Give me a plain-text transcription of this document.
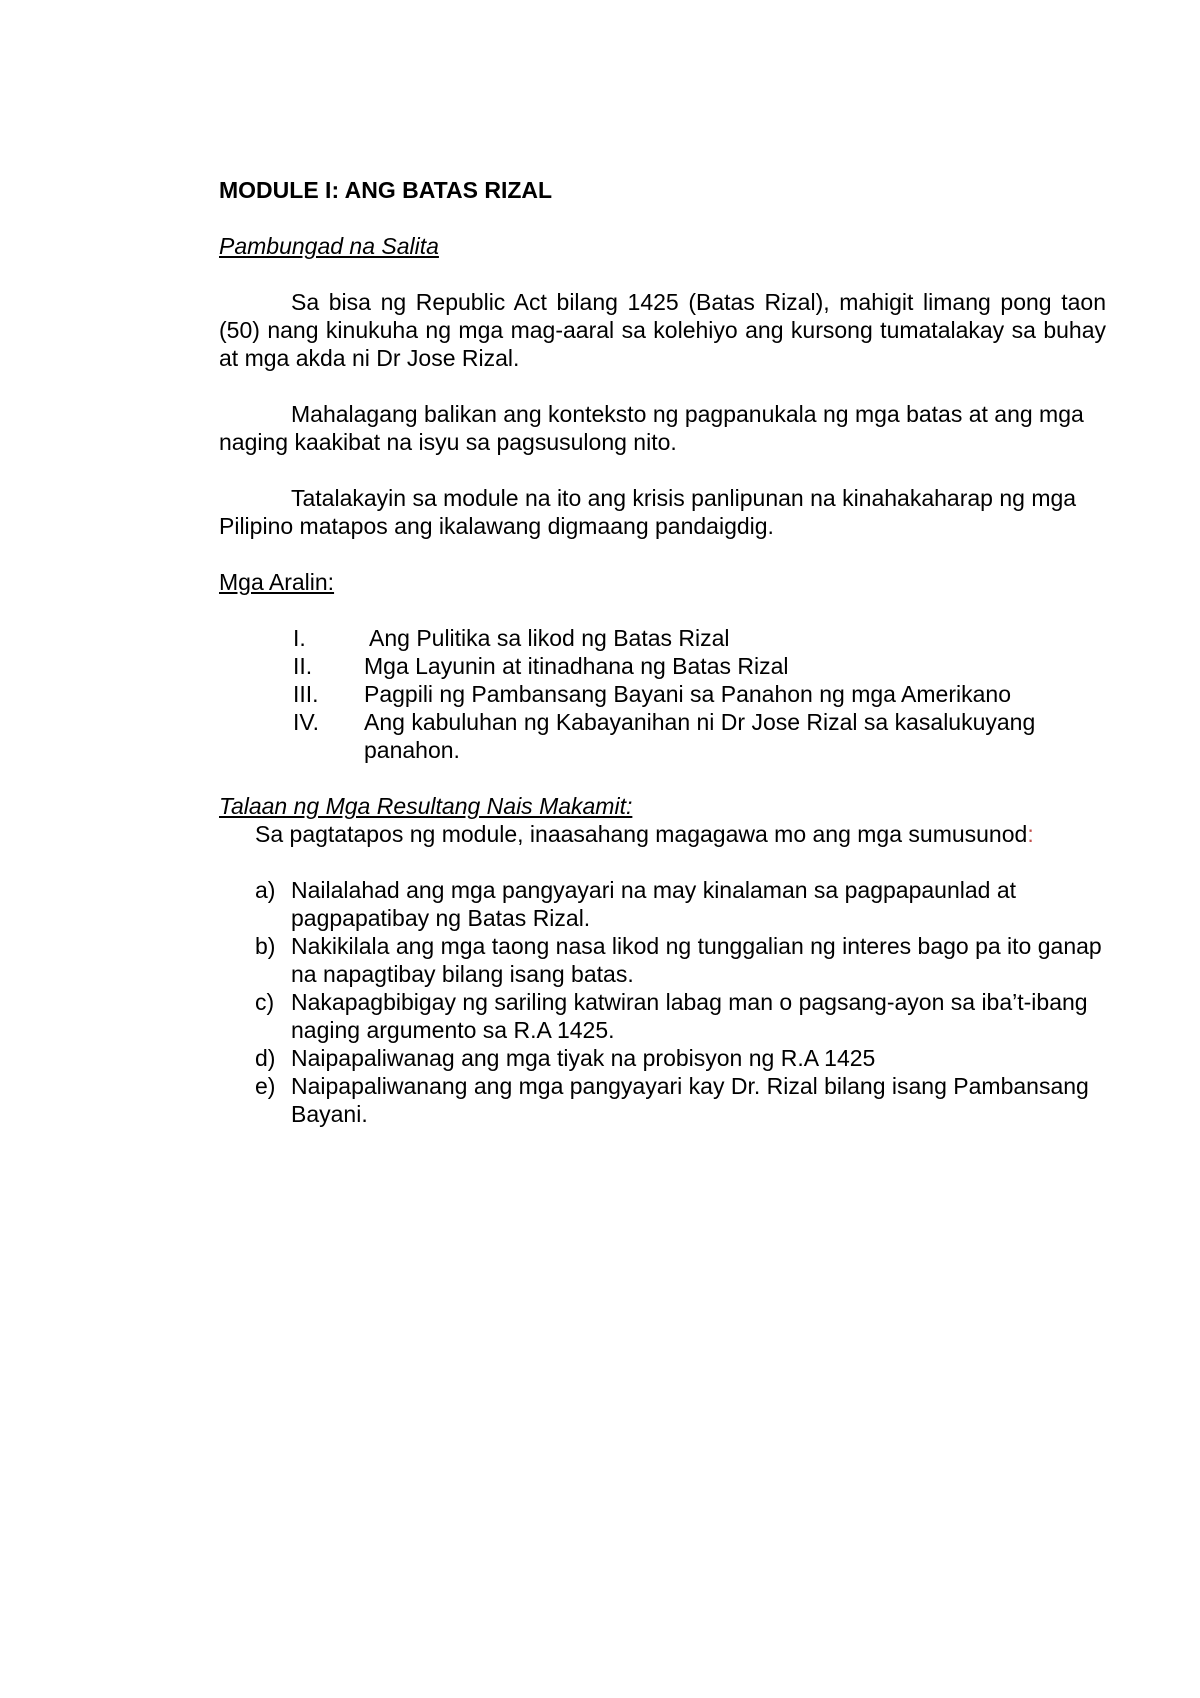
MODULE I: ANG BATAS RIZAL

Pambungad na Salita

Sa bisa ng Republic Act bilang 1425 (Batas Rizal), mahigit limang pong taon (50) nang kinukuha ng mga mag-aaral sa kolehiyo ang kursong tumatalakay sa buhay at mga akda ni Dr Jose Rizal.

Mahalagang balikan ang konteksto ng pagpanukala ng mga batas at ang mga naging kaakibat na isyu sa pagsusulong nito.

Tatalakayin sa module na ito ang krisis panlipunan na kinahakaharap ng mga Pilipino matapos ang ikalawang digmaang pandaigdig.

Mga Aralin:

I.	Ang Pulitika sa likod ng Batas Rizal
II. Mga Layunin at itinadhana ng Batas Rizal
III. Pagpili ng Pambansang Bayani sa Panahon ng mga Amerikano
IV. Ang kabuluhan ng Kabayanihan ni Dr Jose Rizal sa kasalukuyang panahon.

Talaan ng Mga Resultang Nais Makamit:

Sa pagtatapos ng module, inaasahang magagawa mo ang mga sumusunod:

a) Nailalahad ang mga pangyayari na may kinalaman sa pagpapaunlad at pagpapatibay ng Batas Rizal.
b) Nakikilala ang mga taong nasa likod ng tunggalian ng interes bago pa ito ganap na napagtibay bilang isang batas.
c) Nakapagbibigay ng sariling katwiran labag man o pagsang-ayon sa iba’t-ibang naging argumento sa R.A 1425.
d) Naipapaliwanag ang mga tiyak na probisyon ng R.A 1425
e) Naipapaliwanang ang mga pangyayari kay Dr. Rizal bilang isang Pambansang Bayani.
